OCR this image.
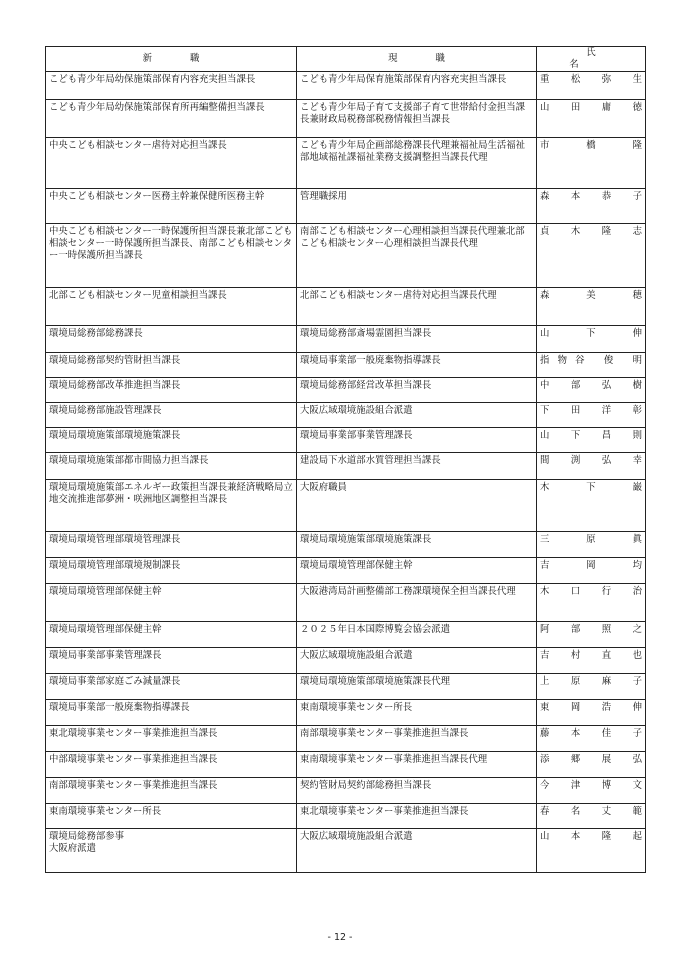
新職	現職	氏名
こども青少年局幼保施策部保育内容充実担当課長	こども青少年局保育施策部保育内容充実担当課長	重 松 弥 生

こども青少年局幼保施策部保育所再編整備担当課長	こども青少年局子育て支援部子育て世帯給付金担当課長兼財政局税務部税務情報担当課長	山 田 庸 徳

中央こども相談センター虐待対応担当課長	こども青少年局企画部総務課長代理兼福祉局生活福祉部地域福祉課福祉業務支援調整担当課長代理	市 橋 隆

中央こども相談センター医務主幹兼保健所医務主幹	管理職採用	森 本 恭 子

中央こども相談センター一時保護所担当課長兼北部こども相談センター一時保護所担当課長、南部こども相談センター一時保護所担当課長	南部こども相談センター心理相談担当課長代理兼北部こども相談センター心理相談担当課長代理	貞 木 隆 志

北部こども相談センター児童相談担当課長	北部こども相談センター虐待対応担当課長代理	森 美 穂

環境局総務部総務課長	環境局総務部斎場霊園担当課長	山 下 伸

環境局総務部契約管財担当課長	環境局事業部一般廃棄物指導課長	指物谷 俊 明

環境局総務部改革推進担当課長	環境局総務部経営改革担当課長	中 部 弘 樹

環境局総務部施設管理課長	大阪広域環境施設組合派遣	下 田 洋 彰

環境局環境施策部環境施策課長	環境局事業部事業管理課長	山 下 昌 則

環境局環境施策部都市間協力担当課長	建設局下水道部水質管理担当課長	間 渕 弘 幸

環境局環境施策部エネルギー政策担当課長兼経済戦略局立地交流推進部夢洲・咲洲地区調整担当課長	大阪府職員	木 下 巌

環境局環境管理部環境管理課長	環境局環境施策部環境施策課長	三 原 眞

環境局環境管理部環境規制課長	環境局環境管理部保健主幹	吉 岡 均

環境局環境管理部保健主幹	大阪港湾局計画整備部工務課環境保全担当課長代理	木 口 行 治

環境局環境管理部保健主幹	２０２５年日本国際博覧会協会派遣	阿 部 照 之

環境局事業部事業管理課長	大阪広域環境施設組合派遣	吉 村 直 也

環境局事業部家庭ごみ減量課長	環境局環境施策部環境施策課長代理	上 原 麻 子

環境局事業部一般廃棄物指導課長	東南環境事業センター所長	東 岡 浩 伸

東北環境事業センター事業推進担当課長	南部環境事業センター事業推進担当課長	藤 本 佳 子

中部環境事業センター事業推進担当課長	東南環境事業センター事業推進担当課長代理	添 郷 展 弘

南部環境事業センター事業推進担当課長	契約管財局契約部総務担当課長	今 津 博 文

東南環境事業センター所長	東北環境事業センター事業推進担当課長	春 名 丈 範

環境局総務部参事
大阪府派遣	大阪広域環境施設組合派遣	山 本 隆 起
- 12 -
